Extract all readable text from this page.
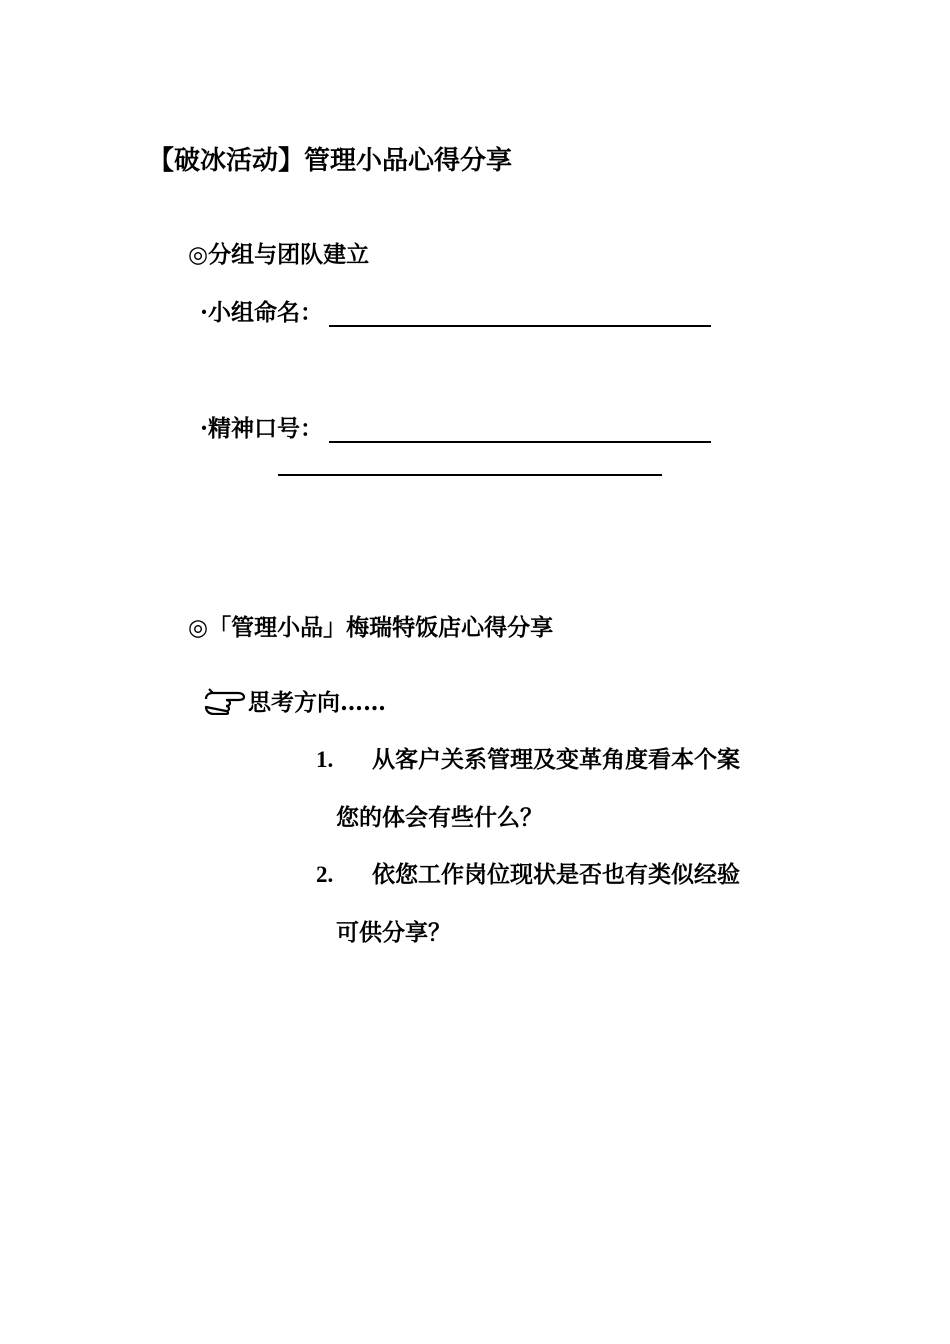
【破冰活动】管理小品心得分享
◎分组与团队建立
·小组命名：
·精神口号：
◎「管理小品」梅瑞特饭店心得分享
思考方向……
1. 从客户关系管理及变革角度看本个案
您的体会有些什么？
2. 依您工作岗位现状是否也有类似经验
可供分享？
